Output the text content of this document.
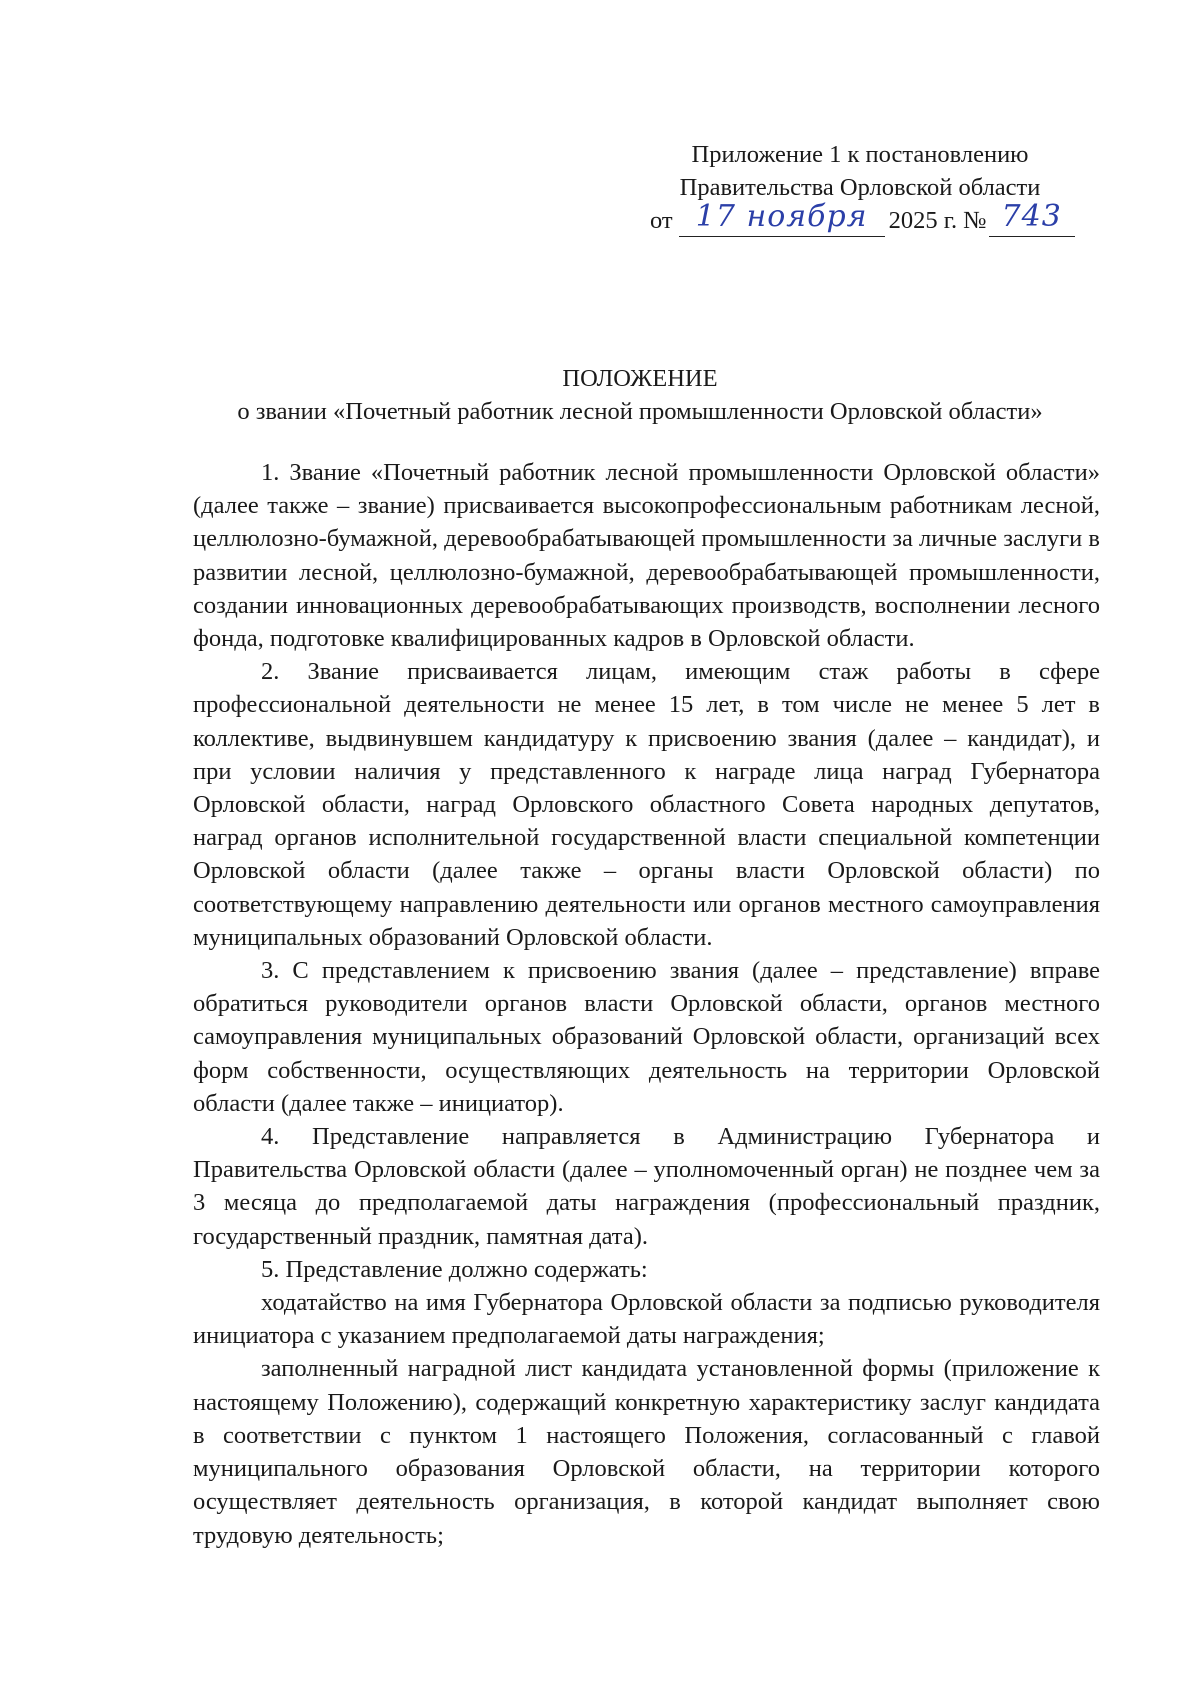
Приложение 1 к постановлению
Правительства Орловской области
от 17 ноября 2025 г. № 743
ПОЛОЖЕНИЕ
о звании «Почетный работник лесной промышленности Орловской области»

1. Звание «Почетный работник лесной промышленности Орловской области» (далее также – звание) присваивается высокопрофессиональным работникам лесной, целлюлозно-бумажной, деревообрабатывающей промышленности за личные заслуги в развитии лесной, целлюлозно-бумажной, деревообрабатывающей промышленности, создании инновационных деревообрабатывающих производств, восполнении лесного фонда, подготовке квалифицированных кадров в Орловской области.

2. Звание присваивается лицам, имеющим стаж работы в сфере профессиональной деятельности не менее 15 лет, в том числе не менее 5 лет в коллективе, выдвинувшем кандидатуру к присвоению звания (далее – кандидат), и при условии наличия у представленного к награде лица наград Губернатора Орловской области, наград Орловского областного Совета народных депутатов, наград органов исполнительной государственной власти специальной компетенции Орловской области (далее также – органы власти Орловской области) по соответствующему направлению деятельности или органов местного самоуправления муниципальных образований Орловской области.

3. С представлением к присвоению звания (далее – представление) вправе обратиться руководители органов власти Орловской области, органов местного самоуправления муниципальных образований Орловской области, организаций всех форм собственности, осуществляющих деятельность на территории Орловской области (далее также – инициатор).

4. Представление направляется в Администрацию Губернатора и Правительства Орловской области (далее – уполномоченный орган) не позднее чем за 3 месяца до предполагаемой даты награждения (профессиональный праздник, государственный праздник, памятная дата).

5. Представление должно содержать:

ходатайство на имя Губернатора Орловской области за подписью руководителя инициатора с указанием предполагаемой даты награждения;

заполненный наградной лист кандидата установленной формы (приложение к настоящему Положению), содержащий конкретную характеристику заслуг кандидата в соответствии с пунктом 1 настоящего Положения, согласованный с главой муниципального образования Орловской области, на территории которого осуществляет деятельность организация, в которой кандидат выполняет свою трудовую деятельность;
